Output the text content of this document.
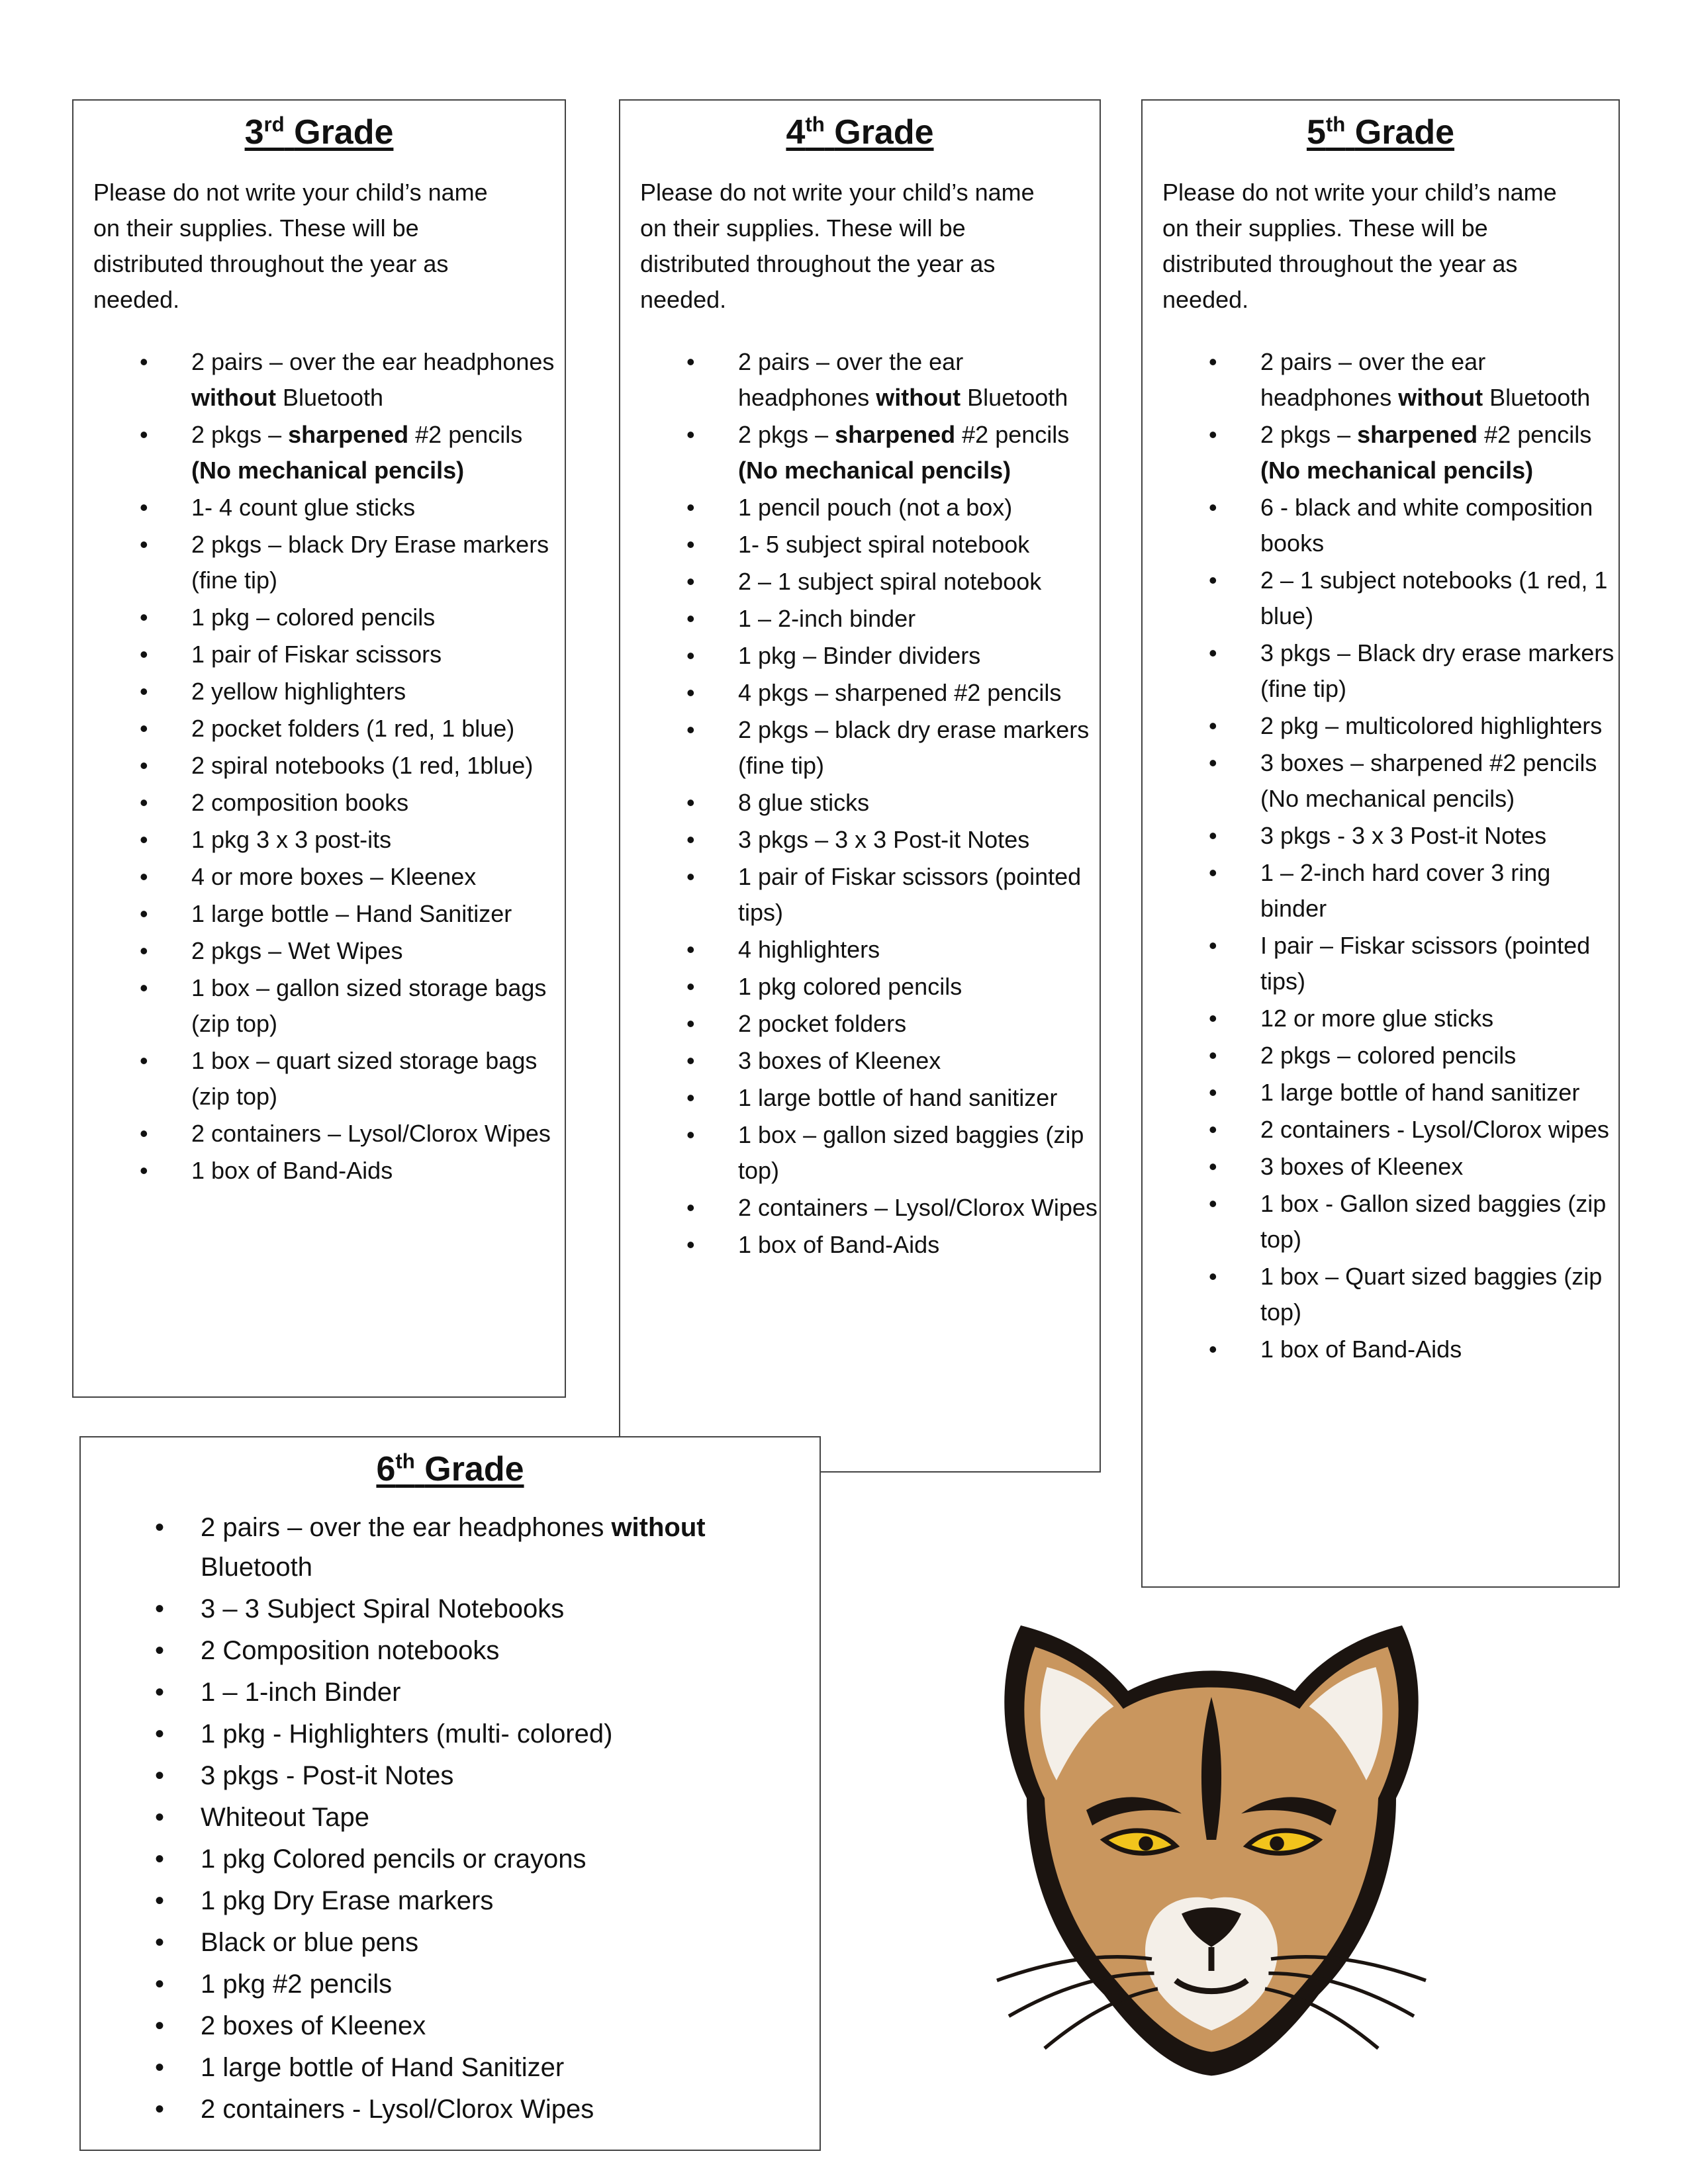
3rd Grade

Please do not write your child’s name on their supplies. These will be distributed throughout the year as needed.

• 2 pairs – over the ear headphones without Bluetooth
• 2 pkgs – sharpened #2 pencils (No mechanical pencils)
• 1- 4 count glue sticks
• 2 pkgs – black Dry Erase markers (fine tip)
• 1 pkg – colored pencils
• 1 pair of Fiskar scissors
• 2 yellow highlighters
• 2 pocket folders (1 red, 1 blue)
• 2 spiral notebooks (1 red, 1blue)
• 2 composition books
• 1 pkg 3 x 3 post-its
• 4 or more boxes – Kleenex
• 1 large bottle – Hand Sanitizer
• 2 pkgs – Wet Wipes
• 1 box – gallon sized storage bags (zip top)
• 1 box – quart sized storage bags (zip top)
• 2 containers – Lysol/Clorox Wipes
• 1 box of Band-Aids
4th Grade

Please do not write your child’s name on their supplies. These will be distributed throughout the year as needed.

• 2 pairs – over the ear headphones without Bluetooth
• 2 pkgs – sharpened #2 pencils (No mechanical pencils)
• 1 pencil pouch (not a box)
• 1- 5 subject spiral notebook
• 2 – 1 subject spiral notebook
• 1 – 2-inch binder
• 1 pkg – Binder dividers
• 4 pkgs – sharpened #2 pencils
• 2 pkgs – black dry erase markers (fine tip)
• 8 glue sticks
• 3 pkgs – 3 x 3 Post-it Notes
• 1 pair of Fiskar scissors (pointed tips)
• 4 highlighters
• 1 pkg colored pencils
• 2 pocket folders
• 3 boxes of Kleenex
• 1 large bottle of hand sanitizer
• 1 box – gallon sized baggies (zip top)
• 2 containers – Lysol/Clorox Wipes
• 1 box of Band-Aids
5th Grade

Please do not write your child’s name on their supplies. These will be distributed throughout the year as needed.

• 2 pairs – over the ear headphones without Bluetooth
• 2 pkgs – sharpened #2 pencils (No mechanical pencils)
• 6 - black and white composition books
• 2 – 1 subject notebooks (1 red, 1 blue)
• 3 pkgs – Black dry erase markers (fine tip)
• 2 pkg – multicolored highlighters
• 3 boxes – sharpened #2 pencils (No mechanical pencils)
• 3 pkgs - 3 x 3 Post-it Notes
• 1 – 2-inch hard cover 3 ring binder
• I pair – Fiskar scissors (pointed tips)
• 12 or more glue sticks
• 2 pkgs – colored pencils
• 1 large bottle of hand sanitizer
• 2 containers - Lysol/Clorox wipes
• 3 boxes of Kleenex
• 1 box - Gallon sized baggies (zip top)
• 1 box – Quart sized baggies (zip top)
• 1 box of Band-Aids
6th Grade
• 2 pairs – over the ear headphones without Bluetooth
• 3 – 3 Subject Spiral Notebooks
• 2 Composition notebooks
• 1 – 1-inch Binder
• 1 pkg - Highlighters (multi- colored)
• 3 pkgs - Post-it Notes
• Whiteout Tape
• 1 pkg Colored pencils or crayons
• 1 pkg Dry Erase markers
• Black or blue pens
• 1 pkg #2 pencils
• 2 boxes of Kleenex
• 1 large bottle of Hand Sanitizer
• 2 containers - Lysol/Clorox Wipes
